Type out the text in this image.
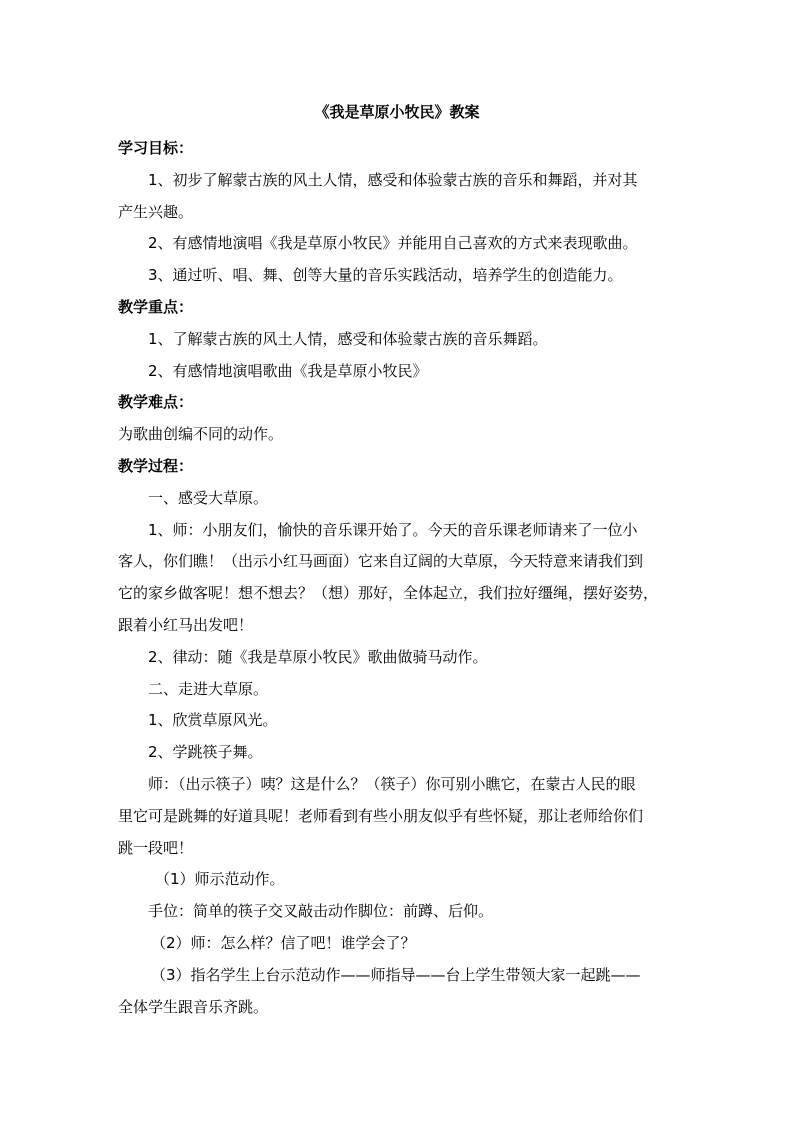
《我是草原小牧民》教案

学习目标：

1、初步了解蒙古族的风土人情，感受和体验蒙古族的音乐和舞蹈，并对其

产生兴趣。

2、有感情地演唱《我是草原小牧民》并能用自己喜欢的方式来表现歌曲。

3、通过听、唱、舞、创等大量的音乐实践活动，培养学生的创造能力。

教学重点：

1、了解蒙古族的风土人情，感受和体验蒙古族的音乐舞蹈。

2、有感情地演唱歌曲《我是草原小牧民》

教学难点：

为歌曲创编不同的动作。

教学过程：

一、感受大草原。

1、师：小朋友们，愉快的音乐课开始了。今天的音乐课老师请来了一位小

客人，你们瞧！（出示小红马画面）它来自辽阔的大草原，今天特意来请我们到

它的家乡做客呢！想不想去？（想）那好，全体起立，我们拉好缰绳，摆好姿势，

跟着小红马出发吧！

2、律动：随《我是草原小牧民》歌曲做骑马动作。

二、走进大草原。

1、欣赏草原风光。

2、学跳筷子舞。

师：（出示筷子）咦？这是什么？（筷子）你可别小瞧它，在蒙古人民的眼

里它可是跳舞的好道具呢！老师看到有些小朋友似乎有些怀疑，那让老师给你们

跳一段吧！

（1）师示范动作。

手位：简单的筷子交叉敲击动作脚位：前蹲、后仰。

（2）师：怎么样？信了吧！谁学会了？

（3）指名学生上台示范动作——师指导——台上学生带领大家一起跳——

全体学生跟音乐齐跳。
